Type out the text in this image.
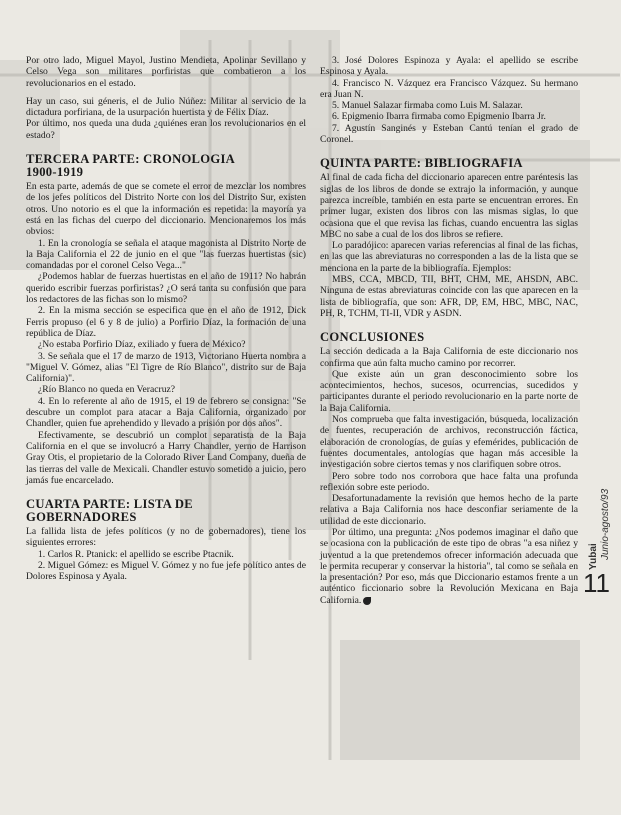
Por otro lado, Miguel Mayol, Justino Mendieta, Apolinar Sevillano y Celso Vega son militares porfiristas que combatieron a los revolucionarios en el estado.

Hay un caso, sui géneris, el de Julio Núñez: Militar al servicio de la dictadura porfiriana, de la usurpación huertista y de Félix Díaz.

Por último, nos queda una duda ¿quiénes eran los revolucionarios en el estado?

TERCERA PARTE: CRONOLOGIA
1900-1919

En esta parte, además de que se comete el error de mezclar los nombres de los jefes políticos del Distrito Norte con los del Distrito Sur, existen otros. Uno notorio es el que la información es repetida: la mayoría ya está en las fichas del cuerpo del diccionario. Mencionaremos los más obvios:

1. En la cronología se señala el ataque magonista al Distrito Norte de la Baja California el 22 de junio en el que "las fuerzas huertistas (sic) comandadas por el coronel Celso Vega..."

¿Podemos hablar de fuerzas huertistas en el año de 1911? No habrán querido escribir fuerzas porfiristas? ¿O será tanta su confusión que para los redactores de las fichas son lo mismo?

2. En la misma sección se especifica que en el año de 1912, Dick Ferris propuso (el 6 y 8 de julio) a Porfirio Díaz, la formación de una república de Díaz.

¿No estaba Porfirio Díaz, exiliado y fuera de México?

3. Se señala que el 17 de marzo de 1913, Victoriano Huerta nombra a "Miguel V. Gómez, alias "El Tigre de Río Blanco", distrito sur de Baja California)".

¿Río Blanco no queda en Veracruz?

4. En lo referente al año de 1915, el 19 de febrero se consigna: "Se descubre un complot para atacar a Baja California, organizado por Chandler, quien fue aprehendido y llevado a prisión por dos años".

Efectivamente, se descubrió un complot separatista de la Baja California en el que se involucró a Harry Chandler, yerno de Harrison Gray Otis, el propietario de la Colorado River Land Company, dueña de las tierras del valle de Mexicali. Chandler estuvo sometido a juicio, pero jamás fue encarcelado.

CUARTA PARTE: LISTA DE
GOBERNADORES

La fallida lista de jefes políticos (y no de gobernadores), tiene los siguientes errores:

1. Carlos R. Ptanick: el apellido se escribe Ptacnik.

2. Miguel Gómez: es Miguel V. Gómez y no fue jefe político antes de Dolores Espinosa y Ayala.

3. José Dolores Espinoza y Ayala: el apellido se escribe Espinosa y Ayala.

4. Francisco N. Vázquez era Francisco Vázquez. Su hermano era Juan N.

5. Manuel Salazar firmaba como Luis M. Salazar.

6. Epigmenio Ibarra firmaba como Epigmenio Ibarra Jr.

7. Agustín Sanginés y Esteban Cantú tenían el grado de Coronel.

QUINTA PARTE: BIBLIOGRAFIA

Al final de cada ficha del diccionario aparecen entre paréntesis las siglas de los libros de donde se extrajo la información, y aunque parezca increíble, también en esta parte se encuentran errores. En primer lugar, existen dos libros con las mismas siglas, lo que ocasiona que el que revisa las fichas, cuando encuentra las siglas MBC no sabe a cual de los dos libros se refiere.

Lo paradójico: aparecen varias referencias al final de las fichas, en las que las abreviaturas no corresponden a las de la lista que se menciona en la parte de la bibliografía. Ejemplos:

MBS, CCA, MBCD, TII, BHT, CHM, ME, AHSDN, ABC. Ninguna de estas abreviaturas coincide con las que aparecen en la lista de bibliografía, que son: AFR, DP, EM, HBC, MBC, NAC, PH, R, TCHM, TI-II, VDR y ASDN.

CONCLUSIONES

La sección dedicada a la Baja California de este diccionario nos confirma que aún falta mucho camino por recorrer.

Que existe aún un gran desconocimiento sobre los acontecimientos, hechos, sucesos, ocurrencias, sucedidos y participantes durante el periodo revolucionario en la parte norte de la Baja California.

Nos comprueba que falta investigación, búsqueda, localización de fuentes, recuperación de archivos, reconstrucción fáctica, elaboración de cronologías, de guías y efemérides, publicación de fuentes documentales, antologías que hagan más accesible la investigación sobre ciertos temas y nos clarifiquen sobre otros.

Pero sobre todo nos corrobora que hace falta una profunda reflexión sobre este periodo.

Desafortunadamente la revisión que hemos hecho de la parte relativa a Baja California nos hace desconfiar seriamente de la utilidad de este diccionario.

Por último, una pregunta: ¿Nos podemos imaginar el daño que se ocasiona con la publicación de este tipo de obras "a esa niñez y juventud a la que pretendemos ofrecer información adecuada que le permita recuperar y conservar la historia", tal como se señala en la presentación? Por eso, más que Diccionario estamos frente a un auténtico ficcionario sobre la Revolución Mexicana en Baja California.

Yubai Junio-agosto/93
11
